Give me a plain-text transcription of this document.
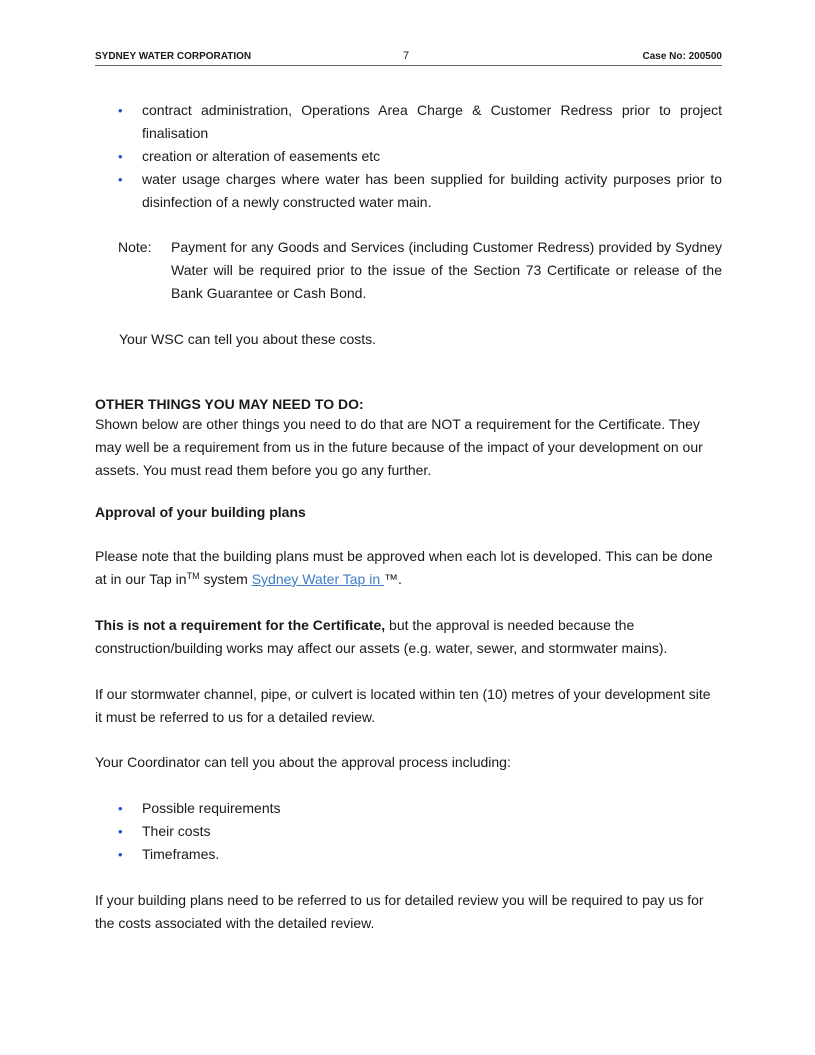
SYDNEY WATER CORPORATION	7	Case No: 200500
• contract administration, Operations Area Charge & Customer Redress prior to project finalisation

• creation or alteration of easements etc

• water usage charges where water has been supplied for building activity purposes prior to disinfection of a newly constructed water main.

Note: Payment for any Goods and Services (including Customer Redress) provided by Sydney Water will be required prior to the issue of the Section 73 Certificate or release of the Bank Guarantee or Cash Bond.

Your WSC can tell you about these costs.

OTHER THINGS YOU MAY NEED TO DO:

Shown below are other things you need to do that are NOT a requirement for the Certificate. They may well be a requirement from us in the future because of the impact of your development on our assets. You must read them before you go any further.

Approval of your building plans

Please note that the building plans must be approved when each lot is developed. This can be done at in our Tap in™ system Sydney Water Tap in ™.

This is not a requirement for the Certificate, but the approval is needed because the construction/building works may affect our assets (e.g. water, sewer, and stormwater mains).

If our stormwater channel, pipe, or culvert is located within ten (10) metres of your development site it must be referred to us for a detailed review.

Your Coordinator can tell you about the approval process including:

• Possible requirements

• Their costs

• Timeframes.

If your building plans need to be referred to us for detailed review you will be required to pay us for the costs associated with the detailed review.
